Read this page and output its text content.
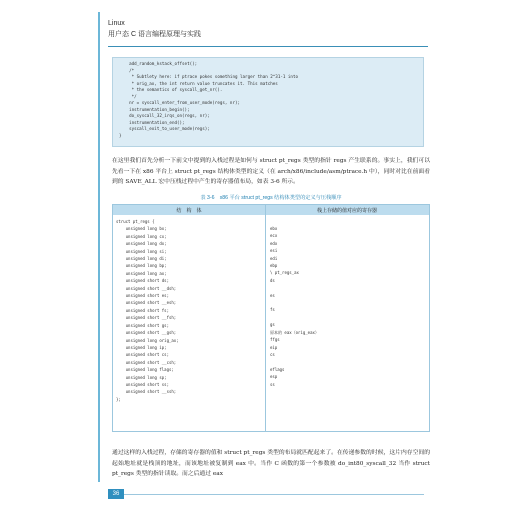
Linux
用户态 C 语言编程原理与实践
add_random_kstack_offset();
/*
* Subtlety here: if ptrace pokes something larger than 2^31-1 into
* orig_ax, the int return value truncates it. This matches
* the semantics of syscall_get_nr().
*/
nr = syscall_enter_from_user_mode(regs, nr);
instrumentation_begin();
do_syscall_32_irqs_on(regs, nr);
instrumentation_end();
syscall_exit_to_user_mode(regs);
}
在这里我们首先分析一下前文中提到的入栈过程是如何与 struct pt_regs 类型的指针 regs 产生联系的。事实上，我们可以先看一下在 x86 平台上 struct pt_regs 结构体类型的定义（在 arch/x86/include/asm/ptrace.h 中），同时对比在前面看到的 SAVE_ALL 宏中压栈过程中产生的寄存器值布局，如表 3-6 所示。
表 3-6　x86 平台 struct pt_regs 结构体类型的定义与压栈顺序
结　构　体	栈上存储的值对应的寄存器
struct pt_regs {
unsigned long bx;
unsigned long cx;
unsigned long dx;
unsigned long si;
unsigned long di;
unsigned long bp;
unsigned long ax;
unsigned short ds;
unsigned short __dsh;
unsigned short es;
unsigned short __esh;
unsigned short fs;
unsigned short __fsh;
unsigned short gs;
unsigned short __gsh;
unsigned long orig_ax;
unsigned long ip;
unsigned short cs;
unsigned short __csh;
unsigned long flags;
unsigned long sp;
unsigned short ss;
unsigned short __ssh;
};
ebx
ecx
edx
esi
edi
ebp
\ pt_regs_ax
ds

es

fs

gs
原本的 eax（orig_eax）
ffgs
eip
cs

eflags
esp
ss
通过这样的入栈过程，存储的寄存器的值和 struct pt_regs 类型的布局就匹配起来了。在传递参数的时候，这片内存空间的起始地址就是栈顶的地址，而该地址被复制到 eax 中。当作 C 函数的第一个参数被 do_int80_syscall_32 当作 struct pt_regs 类型的指针读取。而之后通过 eax
36
